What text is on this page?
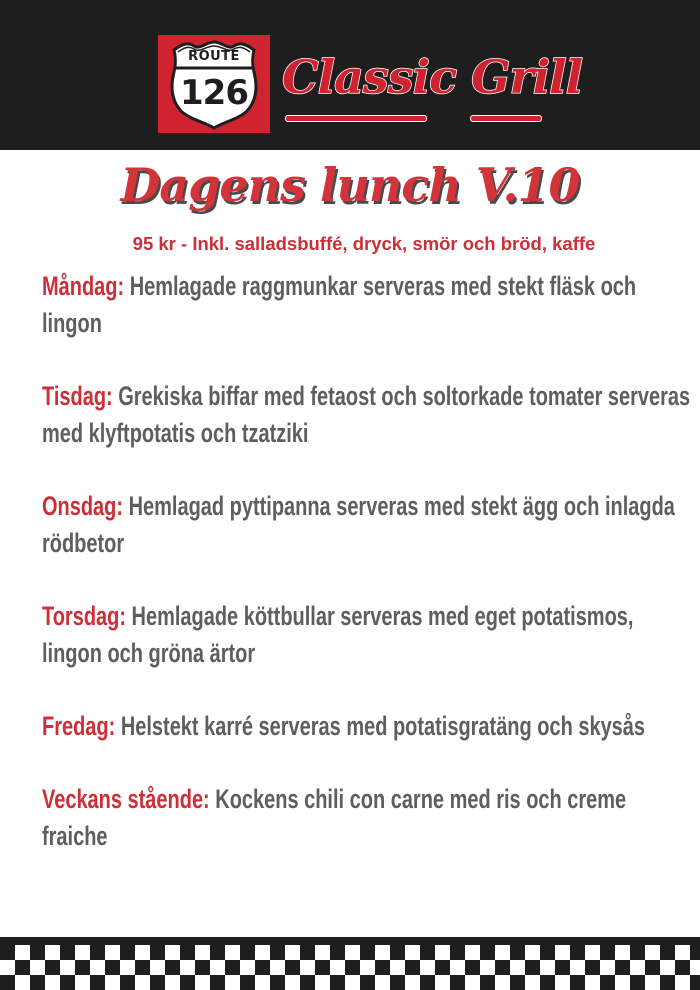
ROUTE
126 Classic Grill
Dagens lunch V.10
95 kr - Inkl. salladsbuffé, dryck, smör och bröd, kaffe
Måndag: Hemlagade raggmunkar serveras med stekt fläsk och lingon
Tisdag: Grekiska biffar med fetaost och soltorkade tomater serveras med klyftpotatis och tzatziki
Onsdag: Hemlagad pyttipanna serveras med stekt ägg och inlagda rödbetor
Torsdag: Hemlagade köttbullar serveras med eget potatismos, lingon och gröna ärtor
Fredag: Helstekt karré serveras med potatisgratäng och skysås
Veckans stående: Kockens chili con carne med ris och creme fraiche
